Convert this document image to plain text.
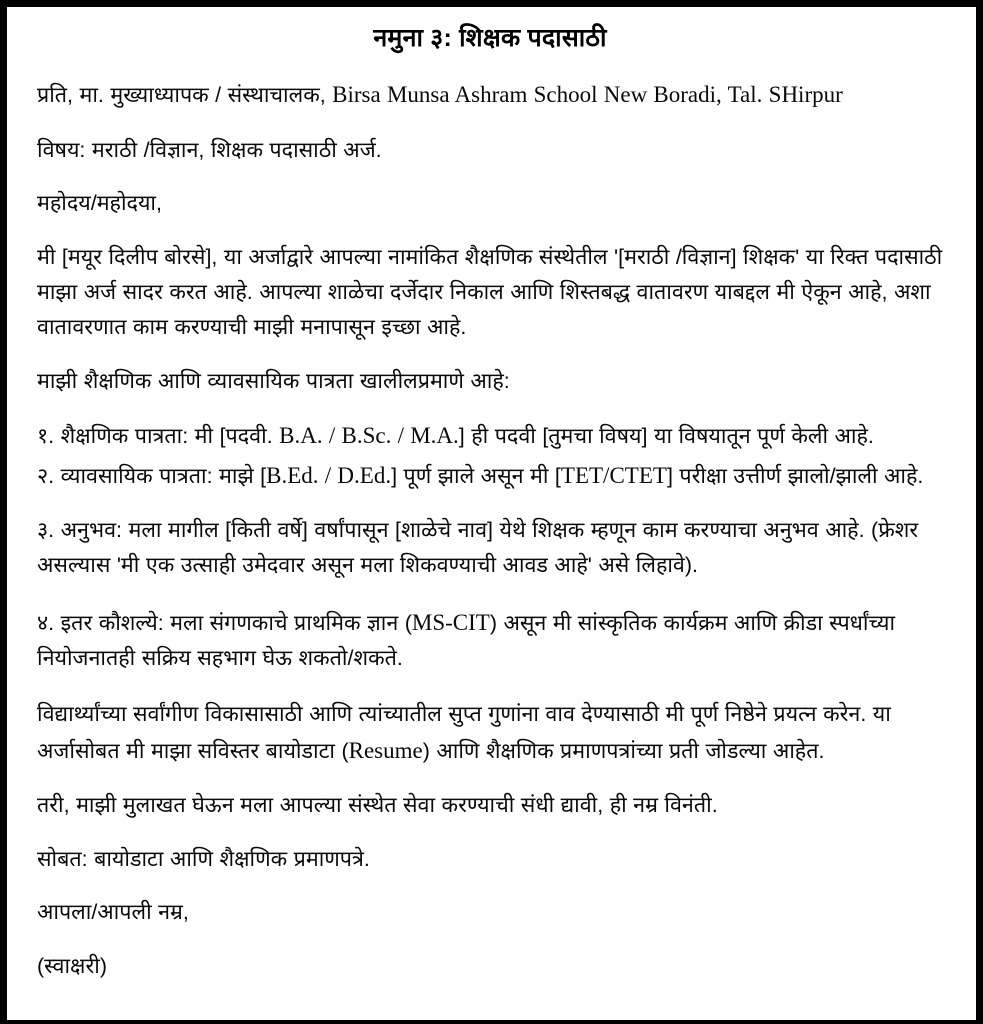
नमुना ३: शिक्षक पदासाठी

प्रति, मा. मुख्याध्यापक / संस्थाचालक, Birsa Munsa Ashram School New Boradi, Tal. SHirpur

विषय: मराठी /विज्ञान, शिक्षक पदासाठी अर्ज.

महोदय/महोदया,

मी [मयूर दिलीप बोरसे], या अर्जाद्वारे आपल्या नामांकित शैक्षणिक संस्थेतील '[मराठी /विज्ञान] शिक्षक' या रिक्त पदासाठी माझा अर्ज सादर करत आहे. आपल्या शाळेचा दर्जेदार निकाल आणि शिस्तबद्ध वातावरण याबद्दल मी ऐकून आहे, अशा वातावरणात काम करण्याची माझी मनापासून इच्छा आहे.

माझी शैक्षणिक आणि व्यावसायिक पात्रता खालीलप्रमाणे आहे:

१. शैक्षणिक पात्रता: मी [पदवी. B.A. / B.Sc. / M.A.] ही पदवी [तुमचा विषय] या विषयातून पूर्ण केली आहे.

२. व्यावसायिक पात्रता: माझे [B.Ed. / D.Ed.] पूर्ण झाले असून मी [TET/CTET] परीक्षा उत्तीर्ण झालो/झाली आहे.

३. अनुभव: मला मागील [किती वर्षे] वर्षांपासून [शाळेचे नाव] येथे शिक्षक म्हणून काम करण्याचा अनुभव आहे. (फ्रेशर असल्यास 'मी एक उत्साही उमेदवार असून मला शिकवण्याची आवड आहे' असे लिहावे).

४. इतर कौशल्ये: मला संगणकाचे प्राथमिक ज्ञान (MS-CIT) असून मी सांस्कृतिक कार्यक्रम आणि क्रीडा स्पर्धांच्या नियोजनातही सक्रिय सहभाग घेऊ शकतो/शकते.

विद्यार्थ्यांच्या सर्वांगीण विकासासाठी आणि त्यांच्यातील सुप्त गुणांना वाव देण्यासाठी मी पूर्ण निष्ठेने प्रयत्न करेन. या अर्जासोबत मी माझा सविस्तर बायोडाटा (Resume) आणि शैक्षणिक प्रमाणपत्रांच्या प्रती जोडल्या आहेत.

तरी, माझी मुलाखत घेऊन मला आपल्या संस्थेत सेवा करण्याची संधी द्यावी, ही नम्र विनंती.

सोबत: बायोडाटा आणि शैक्षणिक प्रमाणपत्रे.

आपला/आपली नम्र,

(स्वाक्षरी)
